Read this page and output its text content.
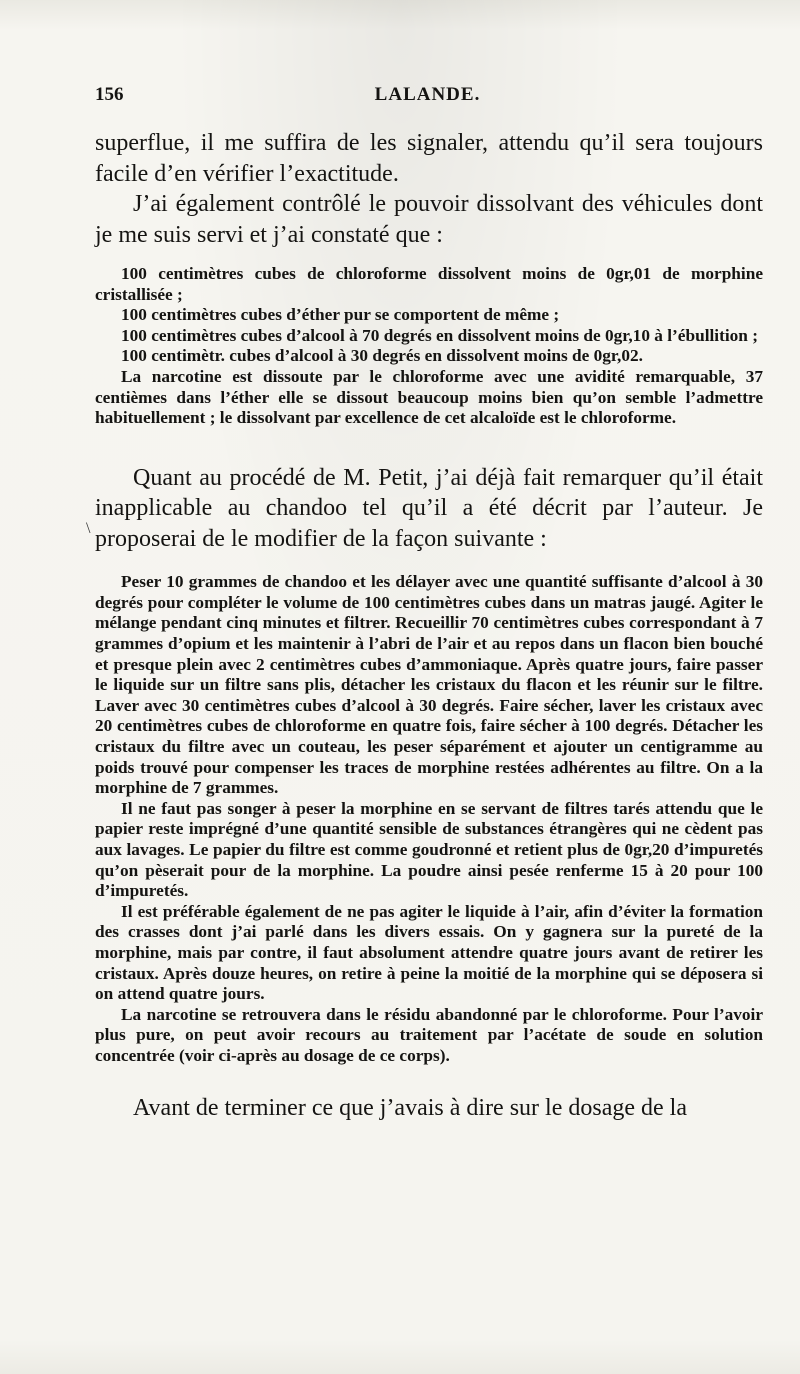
156	LALANDE.
\

superflue, il me suffira de les signaler, attendu qu’il sera toujours facile d’en vérifier l’exactitude.

J’ai également contrôlé le pouvoir dissolvant des véhicules dont je me suis servi et j’ai constaté que :

100 centimètres cubes de chloroforme dissolvent moins de 0gr,01 de morphine cristallisée ;

100 centimètres cubes d’éther pur se comportent de même ;

100 centimètres cubes d’alcool à 70 degrés en dissolvent moins de 0gr,10 à l’ébullition ;

100 centimètr. cubes d’alcool à 30 degrés en dissolvent moins de 0gr,02.

La narcotine est dissoute par le chloroforme avec une avidité remarquable, 37 centièmes dans l’éther elle se dissout beaucoup moins bien qu’on semble l’admettre habituellement ; le dissolvant par excellence de cet alcaloïde est le chloroforme.

Quant au procédé de M. Petit, j’ai déjà fait remarquer qu’il était inapplicable au chandoo tel qu’il a été décrit par l’auteur. Je proposerai de le modifier de la façon suivante :

Peser 10 grammes de chandoo et les délayer avec une quantité suffisante d’alcool à 30 degrés pour compléter le volume de 100 centimètres cubes dans un matras jaugé. Agiter le mélange pendant cinq minutes et filtrer. Recueillir 70 centimètres cubes correspondant à 7 grammes d’opium et les maintenir à l’abri de l’air et au repos dans un flacon bien bouché et presque plein avec 2 centimètres cubes d’ammoniaque. Après quatre jours, faire passer le liquide sur un filtre sans plis, détacher les cristaux du flacon et les réunir sur le filtre. Laver avec 30 centimètres cubes d’alcool à 30 degrés. Faire sécher, laver les cristaux avec 20 centimètres cubes de chloroforme en quatre fois, faire sécher à 100 degrés. Détacher les cristaux du filtre avec un couteau, les peser séparément et ajouter un centigramme au poids trouvé pour compenser les traces de morphine restées adhérentes au filtre. On a la morphine de 7 grammes.

Il ne faut pas songer à peser la morphine en se servant de filtres tarés attendu que le papier reste imprégné d’une quantité sensible de substances étrangères qui ne cèdent pas aux lavages. Le papier du filtre est comme goudronné et retient plus de 0gr,20 d’impuretés qu’on pèserait pour de la morphine. La poudre ainsi pesée renferme 15 à 20 pour 100 d’impuretés.

Il est préférable également de ne pas agiter le liquide à l’air, afin d’éviter la formation des crasses dont j’ai parlé dans les divers essais. On y gagnera sur la pureté de la morphine, mais par contre, il faut absolument attendre quatre jours avant de retirer les cristaux. Après douze heures, on retire à peine la moitié de la morphine qui se déposera si on attend quatre jours.

La narcotine se retrouvera dans le résidu abandonné par le chloroforme. Pour l’avoir plus pure, on peut avoir recours au traitement par l’acétate de soude en solution concentrée (voir ci-après au dosage de ce corps).

Avant de terminer ce que j’avais à dire sur le dosage de la
